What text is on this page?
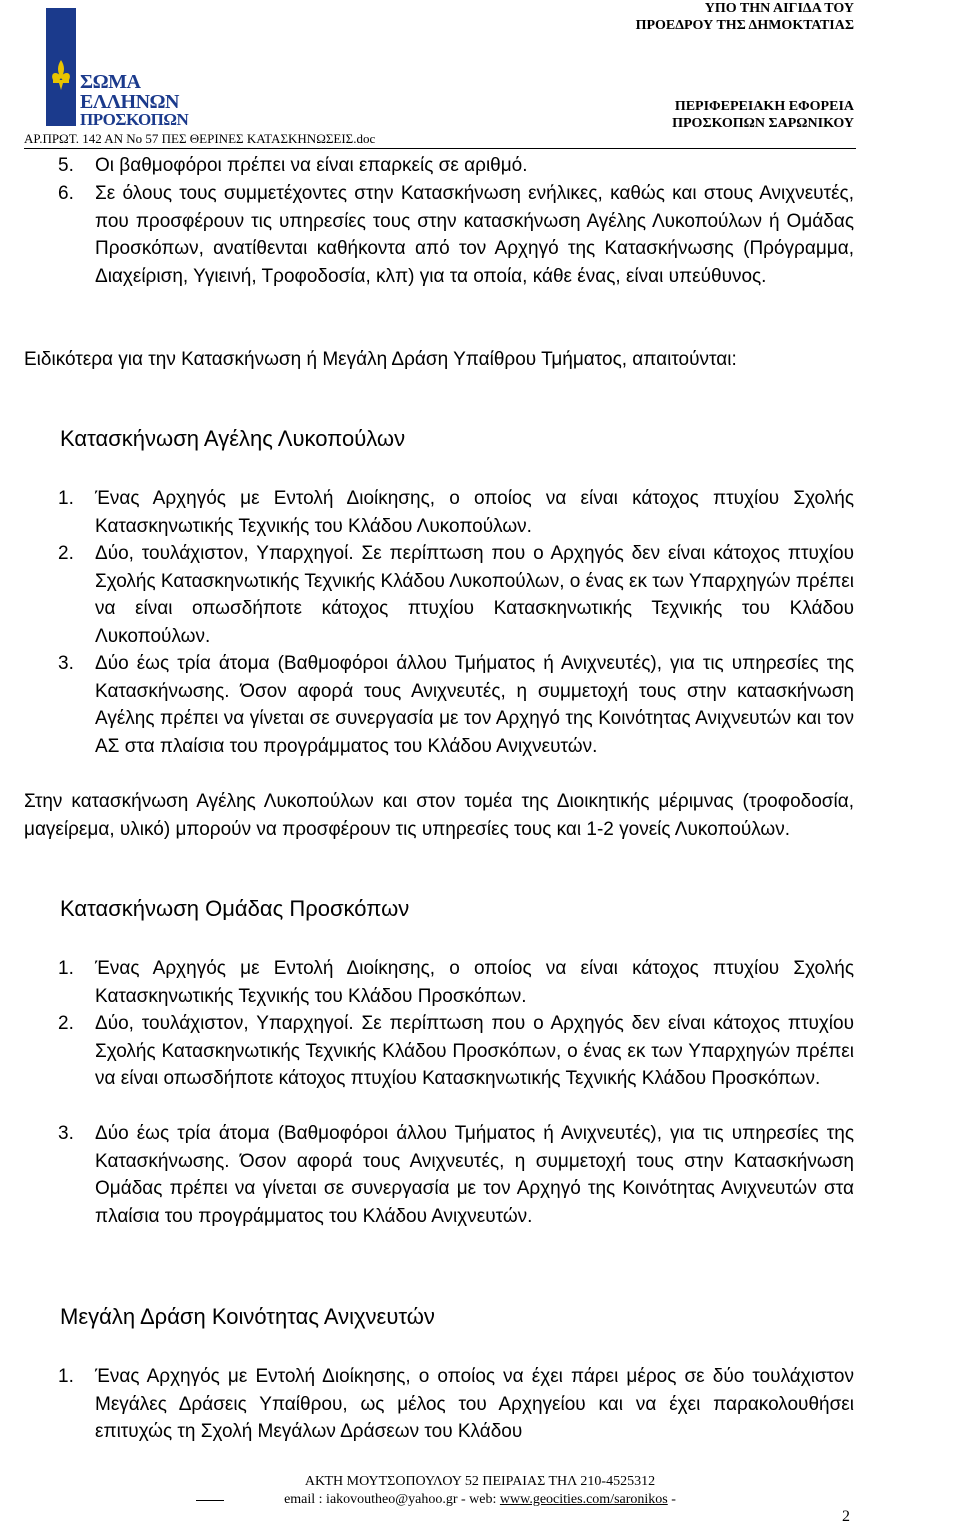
ΣΩΜΑ
ΕΛΛΗΝΩΝ
ΠΡΟΣΚΟΠΩΝ
ΥΠΟ ΤΗΝ ΑΙΓΙΔΑ ΤΟΥ
ΠΡΟΕΔΡΟΥ ΤΗΣ ΔΗΜΟΚΤΑΤΙΑΣ
ΠΕΡΙΦΕΡΕΙΑΚΗ ΕΦΟΡΕΙΑ
ΠΡΟΣΚΟΠΩΝ ΣΑΡΩΝΙΚΟΥ
ΑΡ.ΠΡΩΤ. 142 ΑΝ Νο 57 ΠΕΣ ΘΕΡΙΝΕΣ ΚΑΤΑΣΚΗΝΩΣΕΙΣ.doc
5. Οι βαθμοφόροι πρέπει να είναι επαρκείς σε αριθμό.
6. Σε όλους τους συμμετέχοντες στην Κατασκήνωση ενήλικες, καθώς και στους Ανιχνευτές, που προσφέρουν τις υπηρεσίες τους στην κατασκήνωση Αγέλης Λυκοπούλων ή Ομάδας Προσκόπων, ανατίθενται καθήκοντα από τον Αρχηγό της Κατασκήνωσης (Πρόγραμμα, Διαχείριση, Υγιεινή, Τροφοδοσία, κλπ) για τα οποία, κάθε ένας, είναι υπεύθυνος.
Ειδικότερα για την Κατασκήνωση ή Μεγάλη Δράση Υπαίθρου Τμήματος, απαιτούνται:
Κατασκήνωση Αγέλης Λυκοπούλων
1. Ένας Αρχηγός με Εντολή Διοίκησης, ο οποίος να είναι κάτοχος πτυχίου Σχολής Κατασκηνωτικής Τεχνικής του Κλάδου Λυκοπούλων.
2. Δύο, τουλάχιστον, Υπαρχηγοί. Σε περίπτωση που ο Αρχηγός δεν είναι κάτοχος πτυχίου Σχολής Κατασκηνωτικής Τεχνικής Κλάδου Λυκοπούλων, ο ένας εκ των Υπαρχηγών πρέπει να είναι οπωσδήποτε κάτοχος πτυχίου Κατασκηνωτικής Τεχνικής του Κλάδου Λυκοπούλων.
3. Δύο έως τρία άτομα (Βαθμοφόροι άλλου Τμήματος ή Ανιχνευτές), για τις υπηρεσίες της Κατασκήνωσης. Όσον αφορά τους Ανιχνευτές, η συμμετοχή τους στην κατασκήνωση Αγέλης πρέπει να γίνεται σε συνεργασία με τον Αρχηγό της Κοινότητας Ανιχνευτών και τον ΑΣ στα πλαίσια του προγράμματος του Κλάδου Ανιχνευτών.
Στην κατασκήνωση Αγέλης Λυκοπούλων και στον τομέα της Διοικητικής μέριμνας (τροφοδοσία, μαγείρεμα, υλικό) μπορούν να προσφέρουν τις υπηρεσίες τους και 1-2 γονείς Λυκοπούλων.
Κατασκήνωση Ομάδας Προσκόπων
1. Ένας Αρχηγός με Εντολή Διοίκησης, ο οποίος να είναι κάτοχος πτυχίου Σχολής Κατασκηνωτικής Τεχνικής του Κλάδου Προσκόπων.
2. Δύο, τουλάχιστον, Υπαρχηγοί. Σε περίπτωση που ο Αρχηγός δεν είναι κάτοχος πτυχίου Σχολής Κατασκηνωτικής Τεχνικής Κλάδου Προσκόπων, ο ένας εκ των Υπαρχηγών πρέπει να είναι οπωσδήποτε κάτοχος πτυχίου Κατασκηνωτικής Τεχνικής Κλάδου Προσκόπων.
3. Δύο έως τρία άτομα (Βαθμοφόροι άλλου Τμήματος ή Ανιχνευτές), για τις υπηρεσίες της Κατασκήνωσης. Όσον αφορά τους Ανιχνευτές, η συμμετοχή τους στην Κατασκήνωση Ομάδας πρέπει να γίνεται σε συνεργασία με τον Αρχηγό της Κοινότητας Ανιχνευτών στα πλαίσια του προγράμματος του Κλάδου Ανιχνευτών.
Μεγάλη Δράση Κοινότητας Ανιχνευτών
1. Ένας Αρχηγός με Εντολή Διοίκησης, ο οποίος να έχει πάρει μέρος σε δύο τουλάχιστον Μεγάλες Δράσεις Υπαίθρου, ως μέλος του Αρχηγείου και να έχει παρακολουθήσει επιτυχώς τη Σχολή Μεγάλων Δράσεων του Κλάδου
ΑΚΤΗ ΜΟΥΤΣΟΠΟΥΛΟΥ 52 ΠΕΙΡΑΙΑΣ ΤΗΛ 210-4525312
email : iakovoutheo@yahoo.gr - web: www.geocities.com/saronikos -
2
